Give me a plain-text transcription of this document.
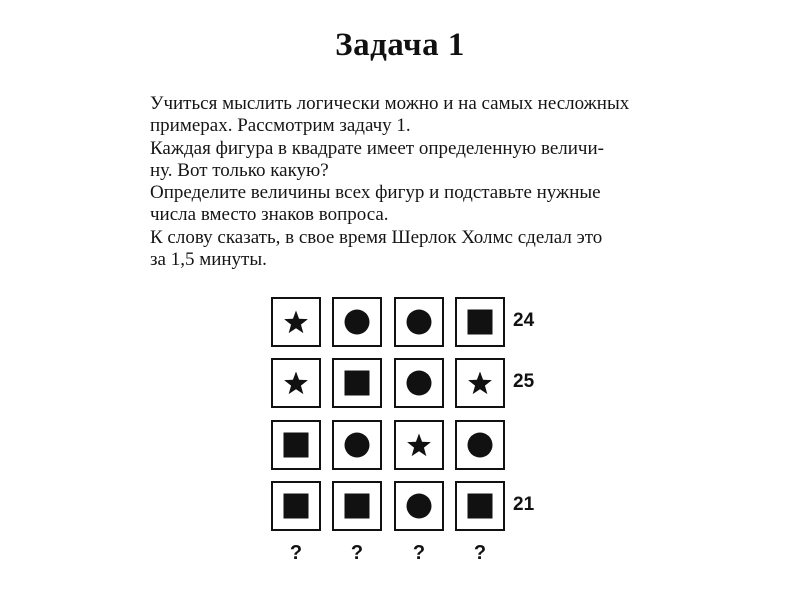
Задача 1
Учиться мыслить логически можно и на самых несложных
примерах. Рассмотрим задачу 1.
Каждая фигура в квадрате имеет определенную величи-
ну. Вот только какую?
Определите величины всех фигур и подставьте нужные
числа вместо знаков вопроса.
К слову сказать, в свое время Шерлок Холмс сделал это
за 1,5 минуты.
24
25
21
?	?	?	?
